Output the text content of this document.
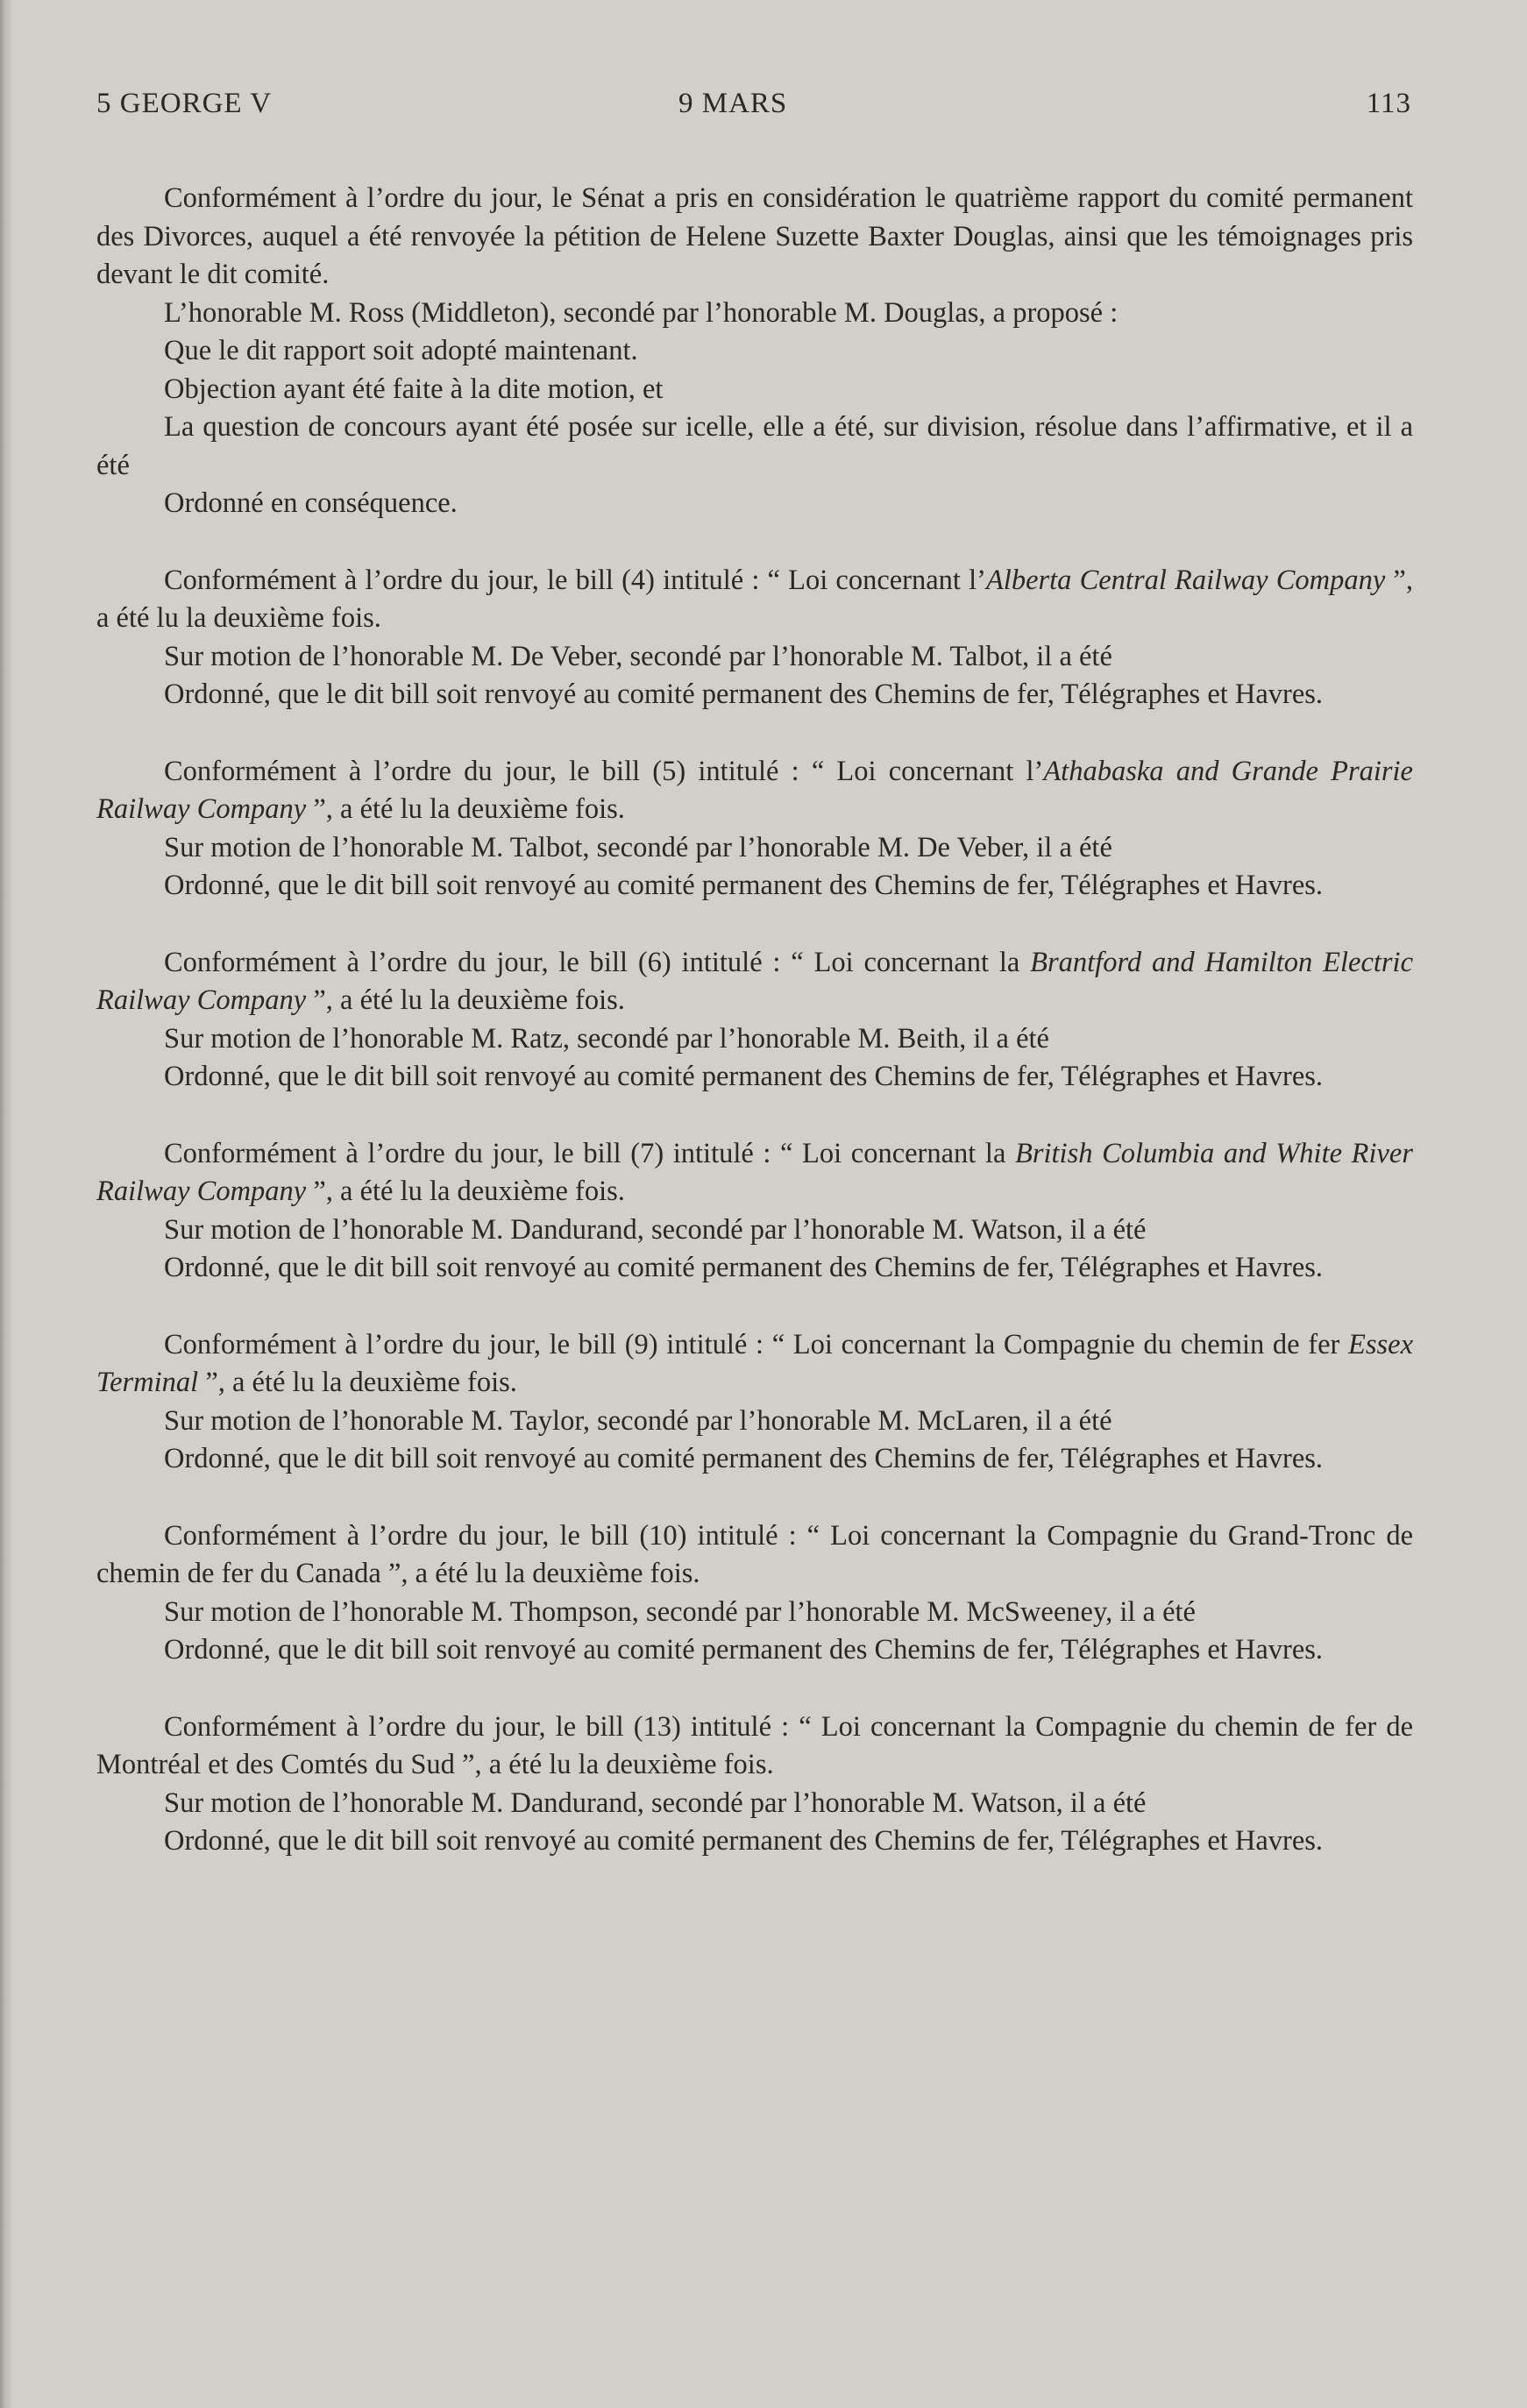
5 GEORGE V	9 MARS	113

Conformément à l’ordre du jour, le Sénat a pris en considération le quatrième rapport du comité permanent des Divorces, auquel a été renvoyée la pétition de Helene Suzette Baxter Douglas, ainsi que les témoignages pris devant le dit comité.

L’honorable M. Ross (Middleton), secondé par l’honorable M. Douglas, a proposé :

Que le dit rapport soit adopté maintenant.

Objection ayant été faite à la dite motion, et

La question de concours ayant été posée sur icelle, elle a été, sur division, résolue dans l’affirmative, et il a été

Ordonné en conséquence.

Conformément à l’ordre du jour, le bill (4) intitulé : “ Loi concernant l’Alberta Central Railway Company ”, a été lu la deuxième fois.

Sur motion de l’honorable M. De Veber, secondé par l’honorable M. Talbot, il a été

Ordonné, que le dit bill soit renvoyé au comité permanent des Chemins de fer, Télégraphes et Havres.

Conformément à l’ordre du jour, le bill (5) intitulé : “ Loi concernant l’Athabaska and Grande Prairie Railway Company ”, a été lu la deuxième fois.

Sur motion de l’honorable M. Talbot, secondé par l’honorable M. De Veber, il a été

Ordonné, que le dit bill soit renvoyé au comité permanent des Chemins de fer, Télégraphes et Havres.

Conformément à l’ordre du jour, le bill (6) intitulé : “ Loi concernant la Brantford and Hamilton Electric Railway Company ”, a été lu la deuxième fois.

Sur motion de l’honorable M. Ratz, secondé par l’honorable M. Beith, il a été

Ordonné, que le dit bill soit renvoyé au comité permanent des Chemins de fer, Télégraphes et Havres.

Conformément à l’ordre du jour, le bill (7) intitulé : “ Loi concernant la British Columbia and White River Railway Company ”, a été lu la deuxième fois.

Sur motion de l’honorable M. Dandurand, secondé par l’honorable M. Watson, il a été

Ordonné, que le dit bill soit renvoyé au comité permanent des Chemins de fer, Télégraphes et Havres.

Conformément à l’ordre du jour, le bill (9) intitulé : “ Loi concernant la Compagnie du chemin de fer Essex Terminal ”, a été lu la deuxième fois.

Sur motion de l’honorable M. Taylor, secondé par l’honorable M. McLaren, il a été

Ordonné, que le dit bill soit renvoyé au comité permanent des Chemins de fer, Télégraphes et Havres.

Conformément à l’ordre du jour, le bill (10) intitulé : “ Loi concernant la Compagnie du Grand-Tronc de chemin de fer du Canada ”, a été lu la deuxième fois.

Sur motion de l’honorable M. Thompson, secondé par l’honorable M. McSweeney, il a été

Ordonné, que le dit bill soit renvoyé au comité permanent des Chemins de fer, Télégraphes et Havres.

Conformément à l’ordre du jour, le bill (13) intitulé : “ Loi concernant la Compagnie du chemin de fer de Montréal et des Comtés du Sud ”, a été lu la deuxième fois.

Sur motion de l’honorable M. Dandurand, secondé par l’honorable M. Watson, il a été

Ordonné, que le dit bill soit renvoyé au comité permanent des Chemins de fer, Télégraphes et Havres.
